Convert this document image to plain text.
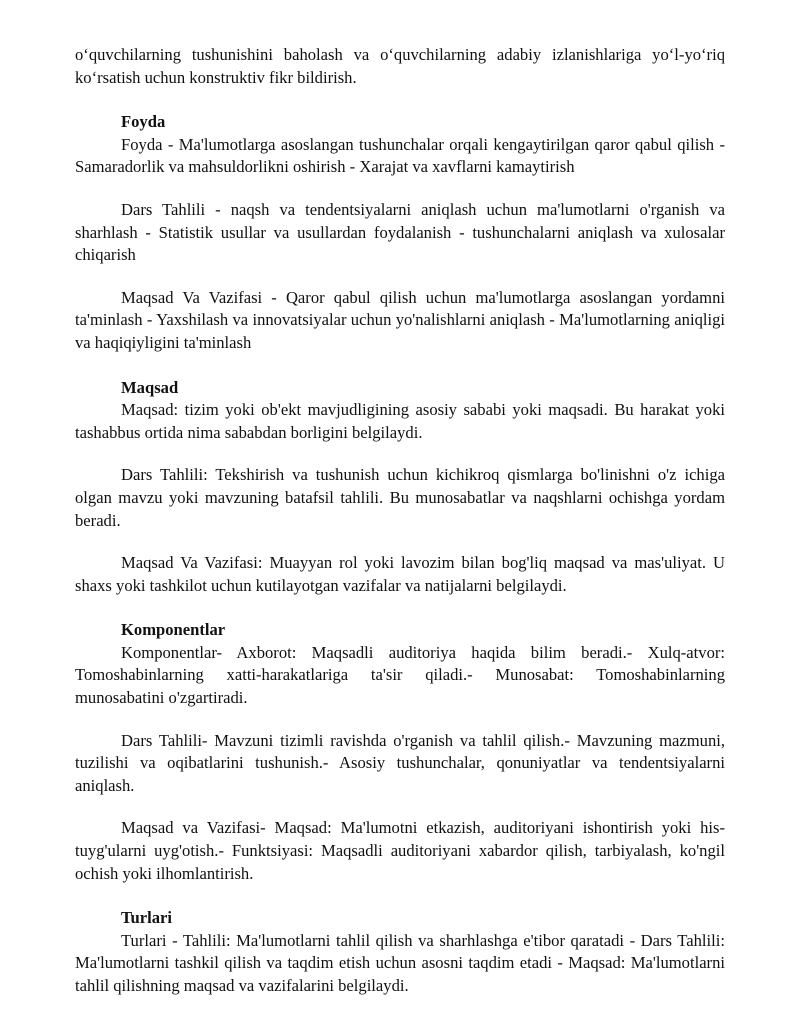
o‘quvchilarning tushunishini baholash va o‘quvchilarning adabiy izlanishlariga yo‘l-yo‘riq ko‘rsatish uchun konstruktiv fikr bildirish.

Foyda

Foyda - Ma'lumotlarga asoslangan tushunchalar orqali kengaytirilgan qaror qabul qilish - Samaradorlik va mahsuldorlikni oshirish - Xarajat va xavflarni kamaytirish

Dars Tahlili - naqsh va tendentsiyalarni aniqlash uchun ma'lumotlarni o'rganish va sharhlash - Statistik usullar va usullardan foydalanish - tushunchalarni aniqlash va xulosalar chiqarish

Maqsad Va Vazifasi - Qaror qabul qilish uchun ma'lumotlarga asoslangan yordamni ta'minlash - Yaxshilash va innovatsiyalar uchun yo'nalishlarni aniqlash - Ma'lumotlarning aniqligi va haqiqiyligini ta'minlash

Maqsad

Maqsad: tizim yoki ob'ekt mavjudligining asosiy sababi yoki maqsadi. Bu harakat yoki tashabbus ortida nima sababdan borligini belgilaydi.

Dars Tahlili: Tekshirish va tushunish uchun kichikroq qismlarga bo'linishni o'z ichiga olgan mavzu yoki mavzuning batafsil tahlili. Bu munosabatlar va naqshlarni ochishga yordam beradi.

Maqsad Va Vazifasi: Muayyan rol yoki lavozim bilan bog'liq maqsad va mas'uliyat. U shaxs yoki tashkilot uchun kutilayotgan vazifalar va natijalarni belgilaydi.

Komponentlar

Komponentlar- Axborot: Maqsadli auditoriya haqida bilim beradi.- Xulq-atvor: Tomoshabinlarning xatti-harakatlariga ta'sir qiladi.- Munosabat: Tomoshabinlarning munosabatini o'zgartiradi.

Dars Tahlili- Mavzuni tizimli ravishda o'rganish va tahlil qilish.- Mavzuning mazmuni, tuzilishi va oqibatlarini tushunish.- Asosiy tushunchalar, qonuniyatlar va tendentsiyalarni aniqlash.

Maqsad va Vazifasi- Maqsad: Ma'lumotni etkazish, auditoriyani ishontirish yoki his-tuyg'ularni uyg'otish.- Funktsiyasi: Maqsadli auditoriyani xabardor qilish, tarbiyalash, ko'ngil ochish yoki ilhomlantirish.

Turlari

Turlari - Tahlili: Ma'lumotlarni tahlil qilish va sharhlashga e'tibor qaratadi - Dars Tahlili: Ma'lumotlarni tashkil qilish va taqdim etish uchun asosni taqdim etadi - Maqsad: Ma'lumotlarni tahlil qilishning maqsad va vazifalarini belgilaydi.
